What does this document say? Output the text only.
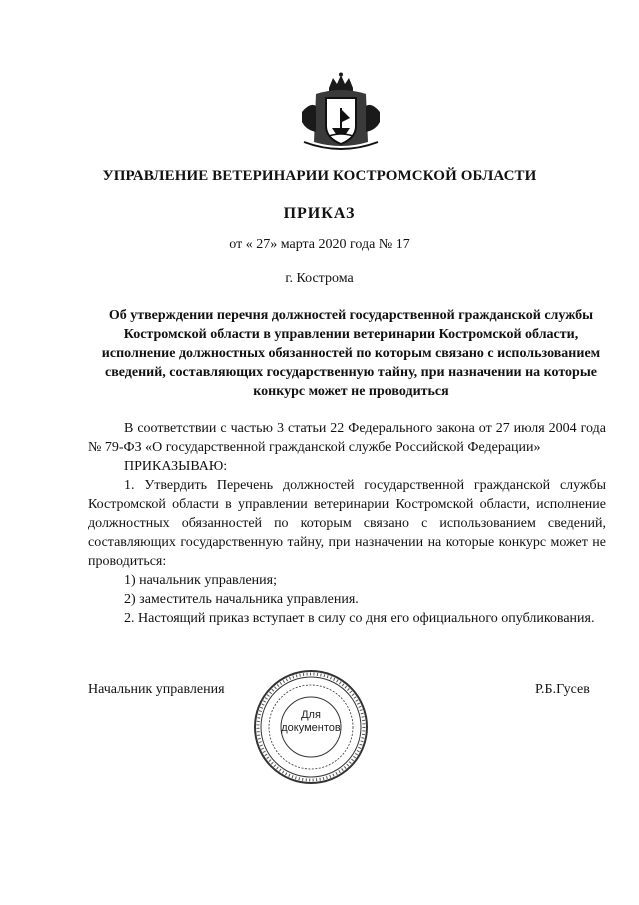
УПРАВЛЕНИЕ ВЕТЕРИНАРИИ КОСТРОМСКОЙ ОБЛАСТИ
ПРИКАЗ
от « 27» марта 2020 года № 17
г. Кострома
Об утверждении перечня должностей государственной гражданской службы Костромской области в управлении ветеринарии Костромской области, исполнение должностных обязанностей по которым связано с использованием сведений, составляющих государственную тайну, при назначении на которые конкурс может не проводиться

В соответствии с частью 3 статьи 22 Федерального закона от 27 июля 2004 года № 79-ФЗ «О государственной гражданской службе Российской Федерации»

ПРИКАЗЫВАЮ:

1. Утвердить Перечень должностей государственной гражданской службы Костромской области в управлении ветеринарии Костромской области, исполнение должностных обязанностей по которым связано с использованием сведений, составляющих государственную тайну, при назначении на которые конкурс может не проводиться:

1) начальник управления;

2) заместитель начальника управления.

2. Настоящий приказ вступает в силу со дня его официального опубликования.

Начальник управления
Для
документов
Р.Б.Гусев
